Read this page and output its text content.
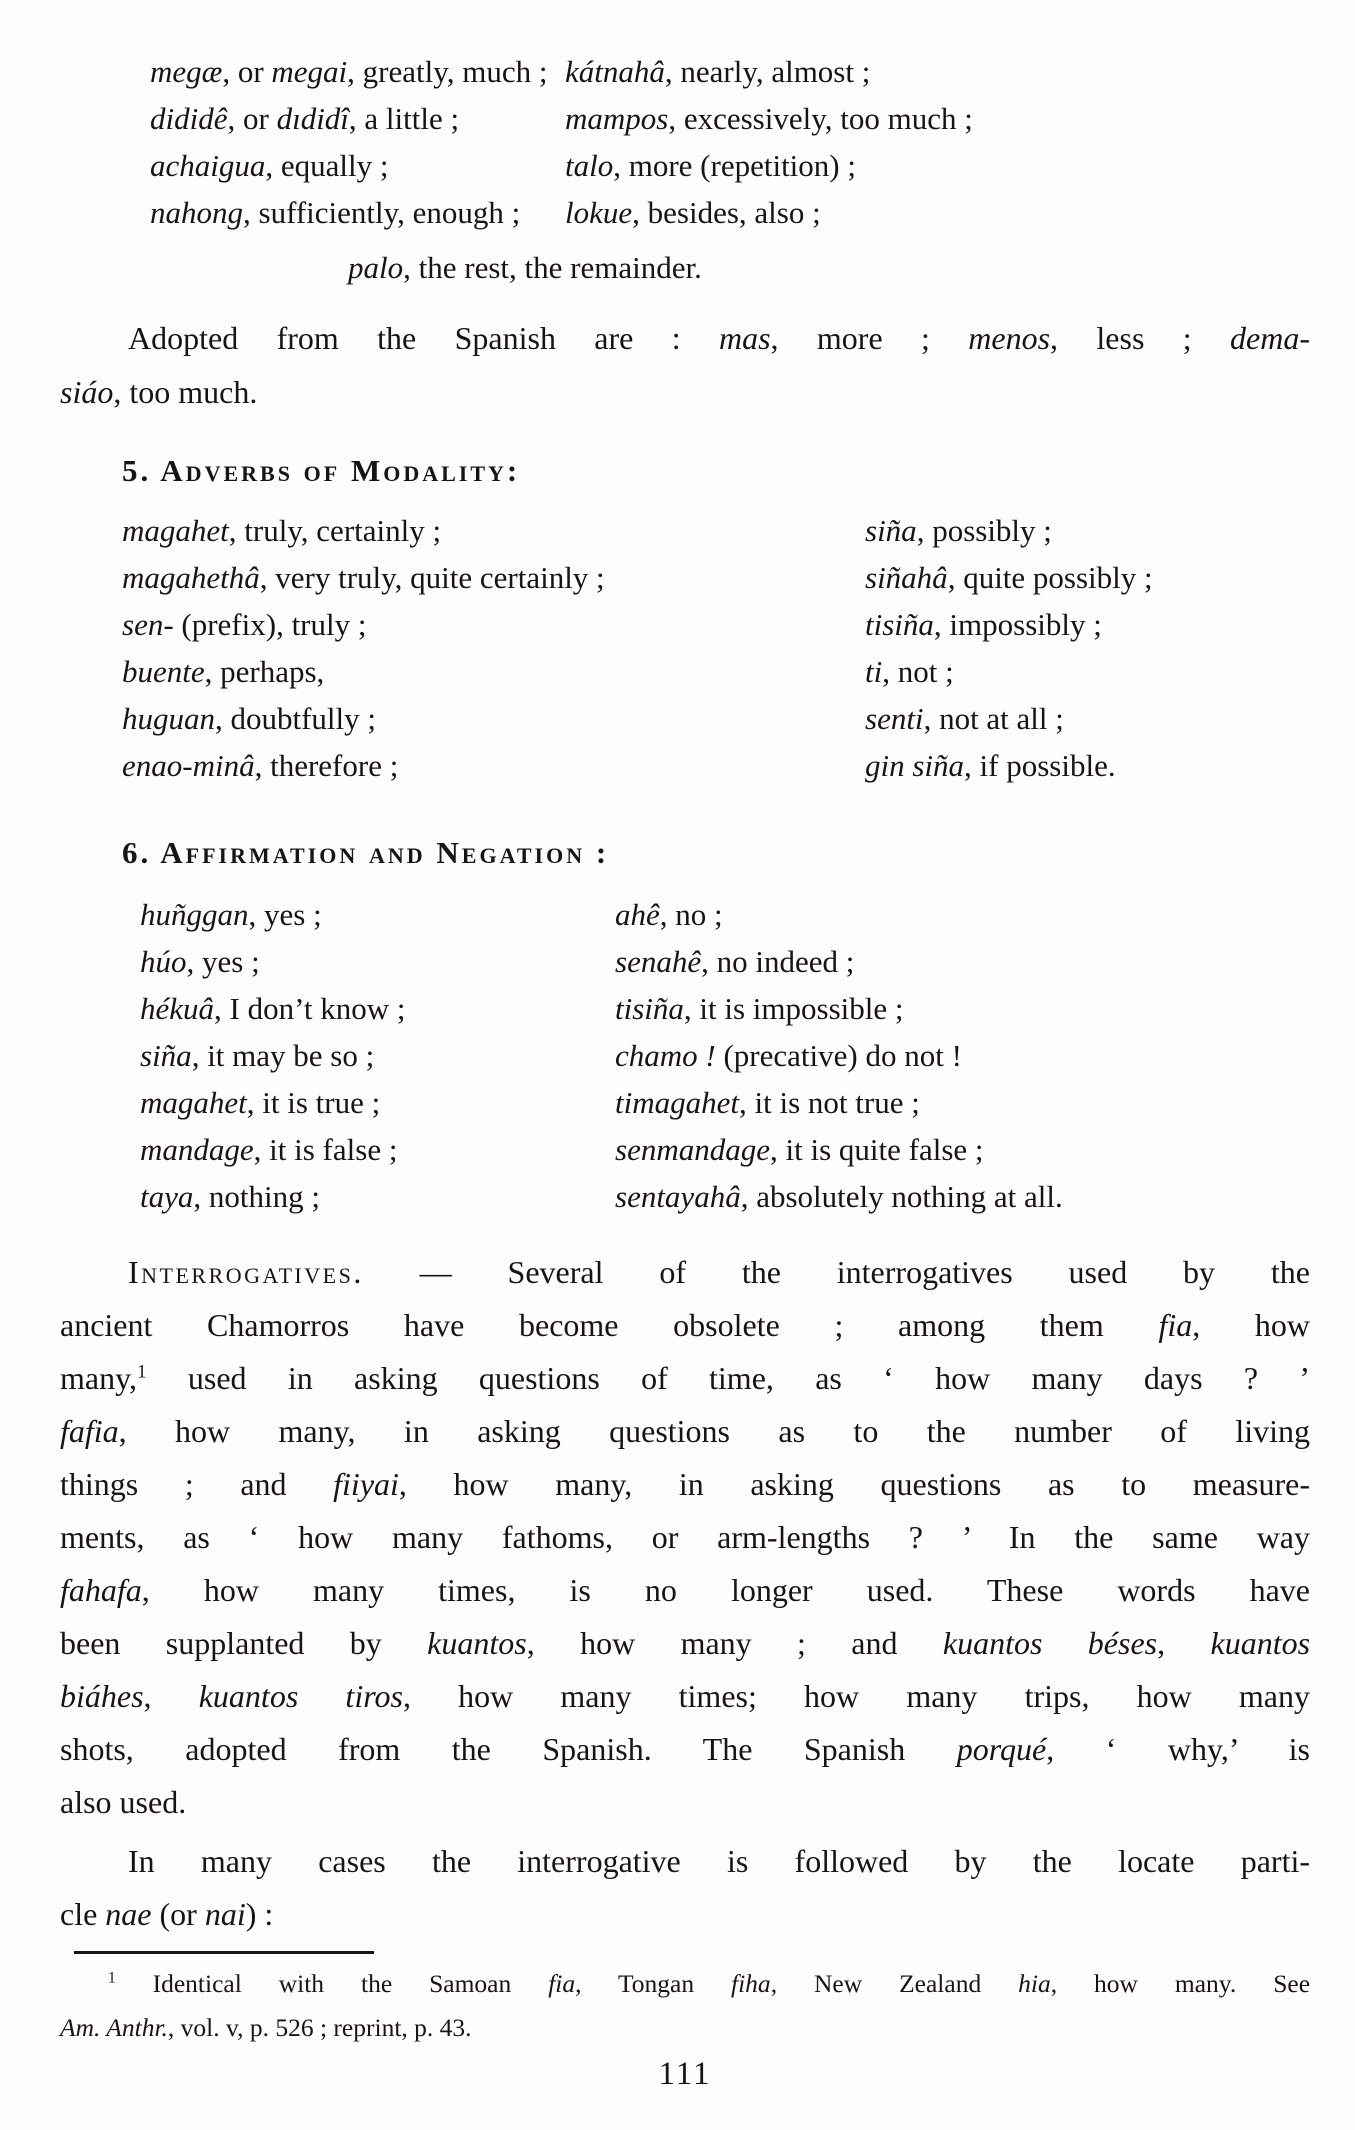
megæ, or megai, greatly, much ;
dididê, or dıdidî, a little ;
achaigua, equally ;
nahong, sufficiently, enough ;
kátnahâ, nearly, almost ;
mampos, excessively, too much ;
talo, more (repetition) ;
lokue, besides, also ;
palo, the rest, the remainder.
Adopted from the Spanish are : mas, more ; menos, less ; dema-
siáo, too much.
5. Adverbs of Modality:
magahet, truly, certainly ;
magahethâ, very truly, quite certainly ;
sen- (prefix), truly ;
buente, perhaps,
huguan, doubtfully ;
enao-minâ, therefore ;
siña, possibly ;
siñahâ, quite possibly ;
tisiña, impossibly ;
ti, not ;
senti, not at all ;
gin siña, if possible.
6. Affirmation and Negation :
huñggan, yes ;
húo, yes ;
hékuâ, I don’t know ;
siña, it may be so ;
magahet, it is true ;
mandage, it is false ;
taya, nothing ;
ahê, no ;
senahê, no indeed ;
tisiña, it is impossible ;
chamo ! (precative) do not !
timagahet, it is not true ;
senmandage, it is quite false ;
sentayahâ, absolutely nothing at all.
Interrogatives. — Several of the interrogatives used by the
ancient Chamorros have become obsolete ; among them fia, how
many,$^1$ used in asking questions of time, as ‘ how many days ? ’
fafia, how many, in asking questions as to the number of living
things ; and fiiyai, how many, in asking questions as to measure-
ments, as ‘ how many fathoms, or arm-lengths ? ’ In the same way
fahafa, how many times, is no longer used. These words have
been supplanted by kuantos, how many ; and kuantos béses, kuantos
biáhes, kuantos tiros, how many times; how many trips, how many
shots, adopted from the Spanish. The Spanish porqué, ‘ why,’ is
also used.
In many cases the interrogative is followed by the locate parti-
cle nae (or nai) :
$^1$ Identical with the Samoan fia, Tongan fiha, New Zealand hia, how many. See
Am. Anthr., vol. v, p. 526 ; reprint, p. 43.
111
